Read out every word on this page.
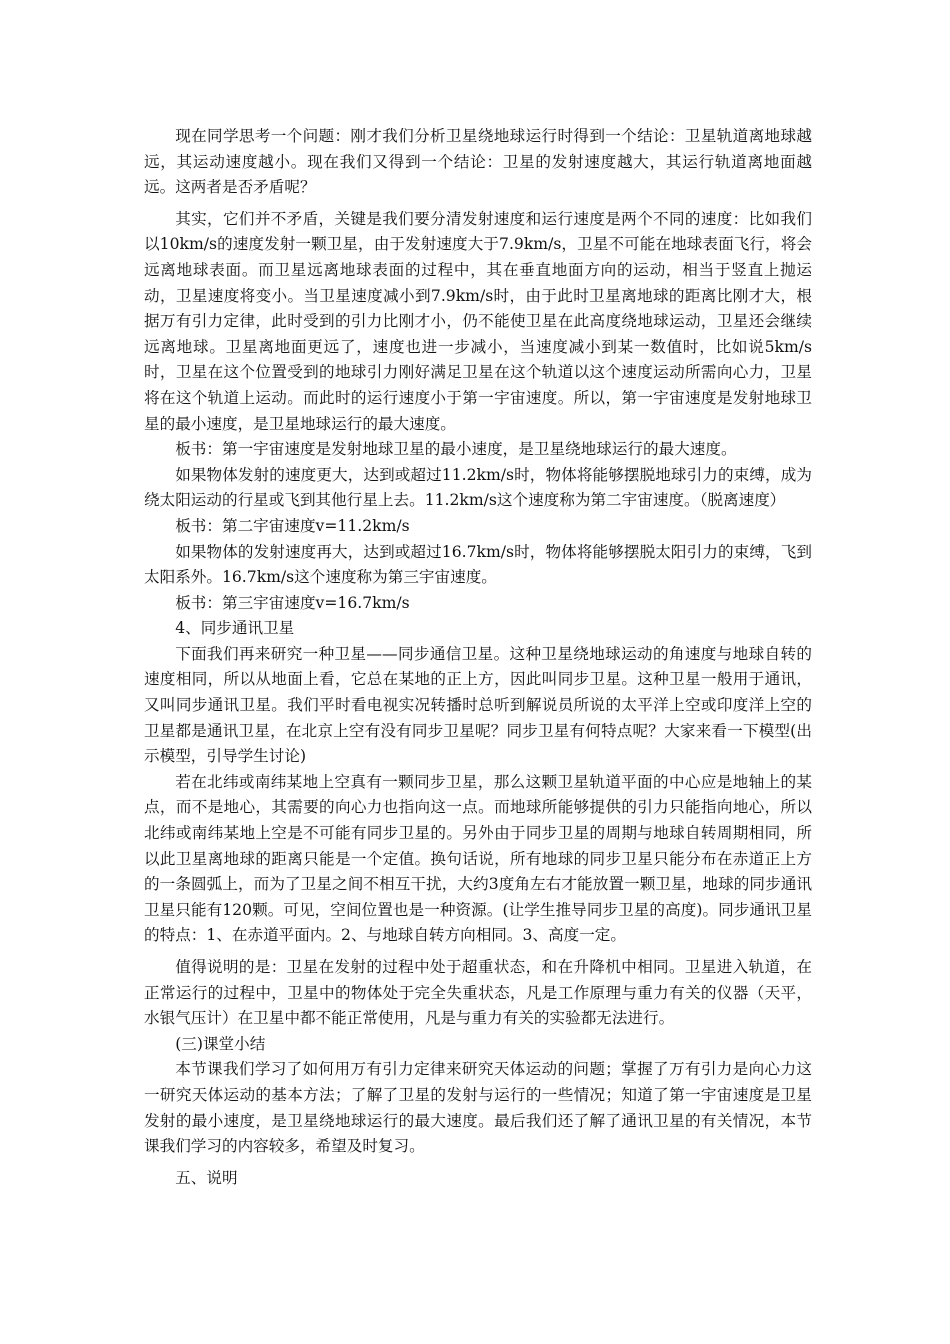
现在同学思考一个问题：刚才我们分析卫星绕地球运行时得到一个结论：卫星轨道离地球越远，其运动速度越小。现在我们又得到一个结论：卫星的发射速度越大，其运行轨道离地面越远。这两者是否矛盾呢？

其实，它们并不矛盾，关键是我们要分清发射速度和运行速度是两个不同的速度：比如我们以10km/s的速度发射一颗卫星，由于发射速度大于7.9km/s，卫星不可能在地球表面飞行，将会远离地球表面。而卫星远离地球表面的过程中，其在垂直地面方向的运动，相当于竖直上抛运动，卫星速度将变小。当卫星速度减小到7.9km/s时，由于此时卫星离地球的距离比刚才大，根据万有引力定律，此时受到的引力比刚才小，仍不能使卫星在此高度绕地球运动，卫星还会继续远离地球。卫星离地面更远了，速度也进一步减小，当速度减小到某一数值时，比如说5km/s时，卫星在这个位置受到的地球引力刚好满足卫星在这个轨道以这个速度运动所需向心力，卫星将在这个轨道上运动。而此时的运行速度小于第一宇宙速度。所以，第一宇宙速度是发射地球卫星的最小速度，是卫星地球运行的最大速度。

板书：第一宇宙速度是发射地球卫星的最小速度，是卫星绕地球运行的最大速度。

如果物体发射的速度更大，达到或超过11.2km/s时，物体将能够摆脱地球引力的束缚，成为绕太阳运动的行星或飞到其他行星上去。11.2km/s这个速度称为第二宇宙速度。（脱离速度）

板书：第二宇宙速度v=11.2km/s

如果物体的发射速度再大，达到或超过16.7km/s时，物体将能够摆脱太阳引力的束缚，飞到太阳系外。16.7km/s这个速度称为第三宇宙速度。

板书：第三宇宙速度v=16.7km/s

4、同步通讯卫星

下面我们再来研究一种卫星——同步通信卫星。这种卫星绕地球运动的角速度与地球自转的速度相同，所以从地面上看，它总在某地的正上方，因此叫同步卫星。这种卫星一般用于通讯，又叫同步通讯卫星。我们平时看电视实况转播时总听到解说员所说的太平洋上空或印度洋上空的卫星都是通讯卫星，在北京上空有没有同步卫星呢？同步卫星有何特点呢？大家来看一下模型(出示模型，引导学生讨论)

若在北纬或南纬某地上空真有一颗同步卫星，那么这颗卫星轨道平面的中心应是地轴上的某点，而不是地心，其需要的向心力也指向这一点。而地球所能够提供的引力只能指向地心，所以北纬或南纬某地上空是不可能有同步卫星的。另外由于同步卫星的周期与地球自转周期相同，所以此卫星离地球的距离只能是一个定值。换句话说，所有地球的同步卫星只能分布在赤道正上方的一条圆弧上，而为了卫星之间不相互干扰，大约3度角左右才能放置一颗卫星，地球的同步通讯卫星只能有120颗。可见，空间位置也是一种资源。(让学生推导同步卫星的高度)。同步通讯卫星的特点：1、在赤道平面内。2、与地球自转方向相同。3、高度一定。

值得说明的是：卫星在发射的过程中处于超重状态，和在升降机中相同。卫星进入轨道，在正常运行的过程中，卫星中的物体处于完全失重状态，凡是工作原理与重力有关的仪器（天平，水银气压计）在卫星中都不能正常使用，凡是与重力有关的实验都无法进行。

(三)课堂小结

本节课我们学习了如何用万有引力定律来研究天体运动的问题；掌握了万有引力是向心力这一研究天体运动的基本方法；了解了卫星的发射与运行的一些情况；知道了第一宇宙速度是卫星发射的最小速度，是卫星绕地球运行的最大速度。最后我们还了解了通讯卫星的有关情况，本节课我们学习的内容较多，希望及时复习。

五、说明
